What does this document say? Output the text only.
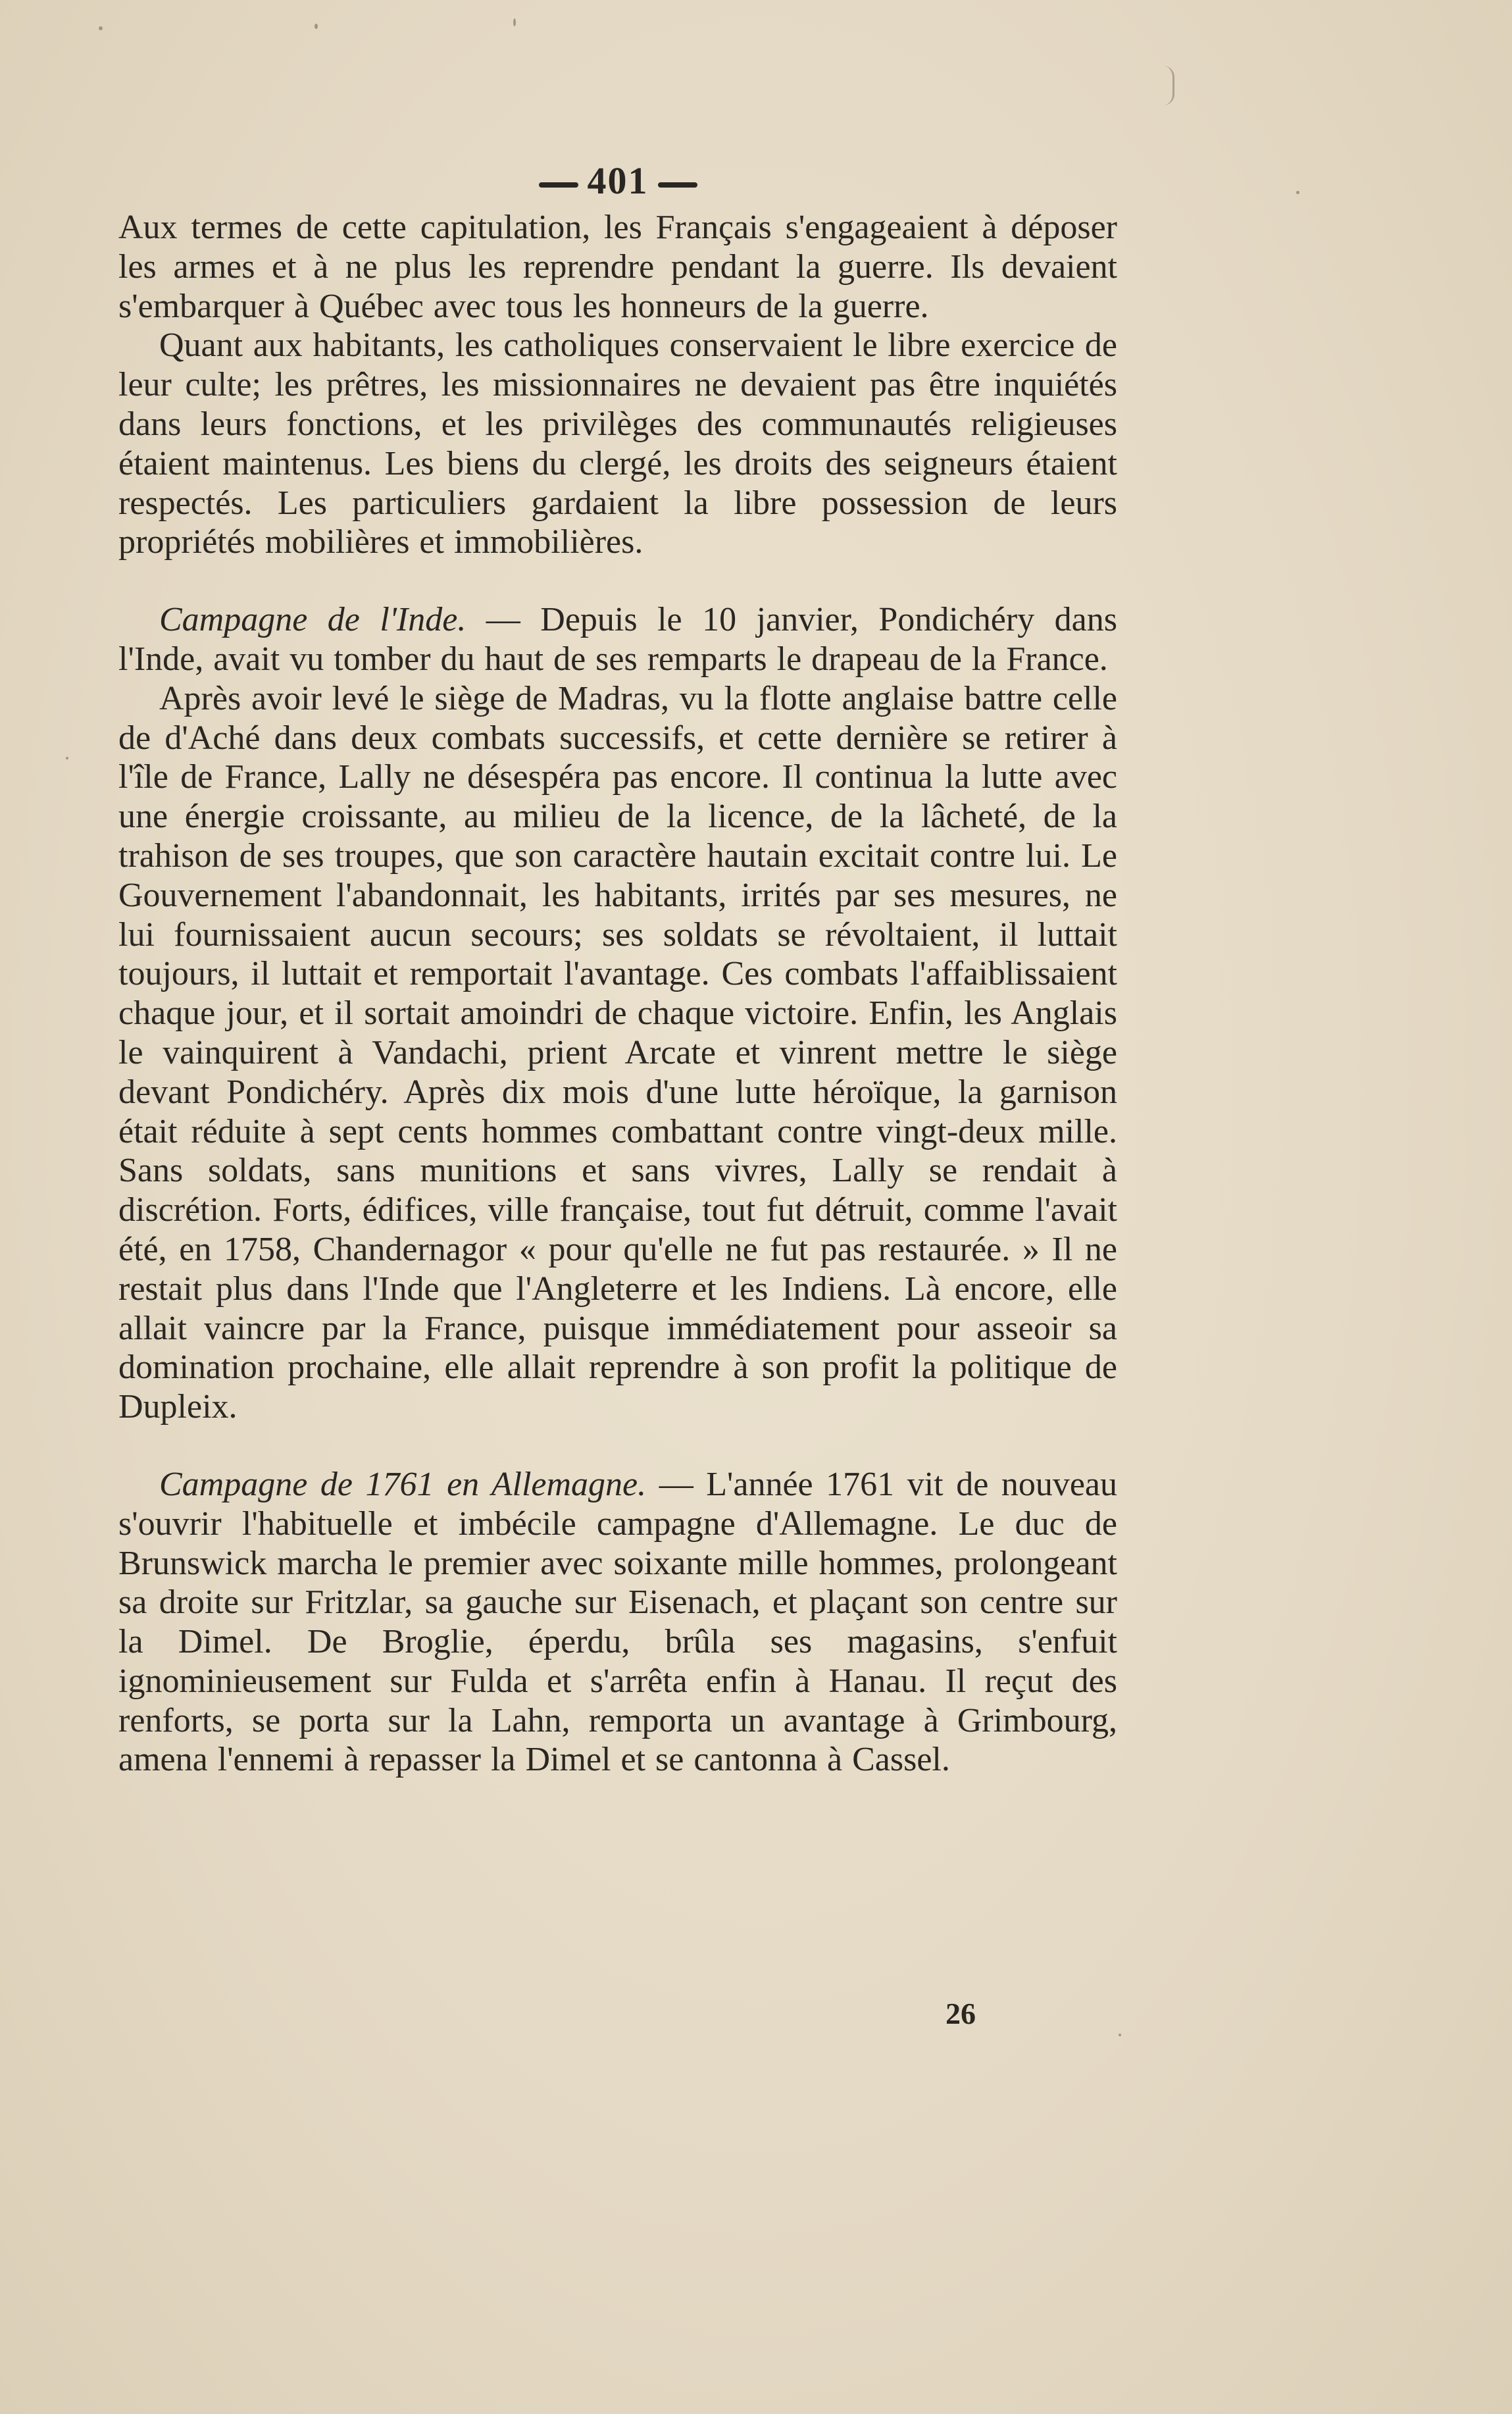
401

Aux termes de cette capitulation, les Français s'engageaient à déposer les armes et à ne plus les reprendre pendant la guerre. Ils devaient s'embarquer à Québec avec tous les honneurs de la guerre.

Quant aux habitants, les catholiques conservaient le libre exercice de leur culte; les prêtres, les missionnaires ne devaient pas être inquiétés dans leurs fonctions, et les privilèges des communautés religieuses étaient maintenus. Les biens du clergé, les droits des seigneurs étaient respectés. Les particuliers gardaient la libre possession de leurs propriétés mobilières et immobilières.

Campagne de l'Inde. — Depuis le 10 janvier, Pondichéry dans l'Inde, avait vu tomber du haut de ses remparts le drapeau de la France.

Après avoir levé le siège de Madras, vu la flotte anglaise battre celle de d'Aché dans deux combats successifs, et cette dernière se retirer à l'île de France, Lally ne désespéra pas encore. Il continua la lutte avec une énergie croissante, au milieu de la licence, de la lâcheté, de la trahison de ses troupes, que son caractère hautain excitait contre lui. Le Gouvernement l'abandonnait, les habitants, irrités par ses mesures, ne lui fournissaient aucun secours; ses soldats se révoltaient, il luttait toujours, il luttait et remportait l'avantage. Ces combats l'affaiblissaient chaque jour, et il sortait amoindri de chaque victoire. Enfin, les Anglais le vainquirent à Vandachi, prient Arcate et vinrent mettre le siège devant Pondichéry. Après dix mois d'une lutte héroïque, la garnison était réduite à sept cents hommes combattant contre vingt-deux mille. Sans soldats, sans munitions et sans vivres, Lally se rendait à discrétion. Forts, édifices, ville française, tout fut détruit, comme l'avait été, en 1758, Chandernagor « pour qu'elle ne fut pas restaurée. » Il ne restait plus dans l'Inde que l'Angleterre et les Indiens. Là encore, elle allait vaincre par la France, puisque immédiatement pour asseoir sa domination prochaine, elle allait reprendre à son profit la politique de Dupleix.

Campagne de 1761 en Allemagne. — L'année 1761 vit de nouveau s'ouvrir l'habituelle et imbécile campagne d'Allemagne. Le duc de Brunswick marcha le premier avec soixante mille hommes, prolongeant sa droite sur Fritzlar, sa gauche sur Eisenach, et plaçant son centre sur la Dimel. De Broglie, éperdu, brûla ses magasins, s'enfuit ignominieusement sur Fulda et s'arrêta enfin à Hanau. Il reçut des renforts, se porta sur la Lahn, remporta un avantage à Grimbourg, amena l'ennemi à repasser la Dimel et se cantonna à Cassel.

26
